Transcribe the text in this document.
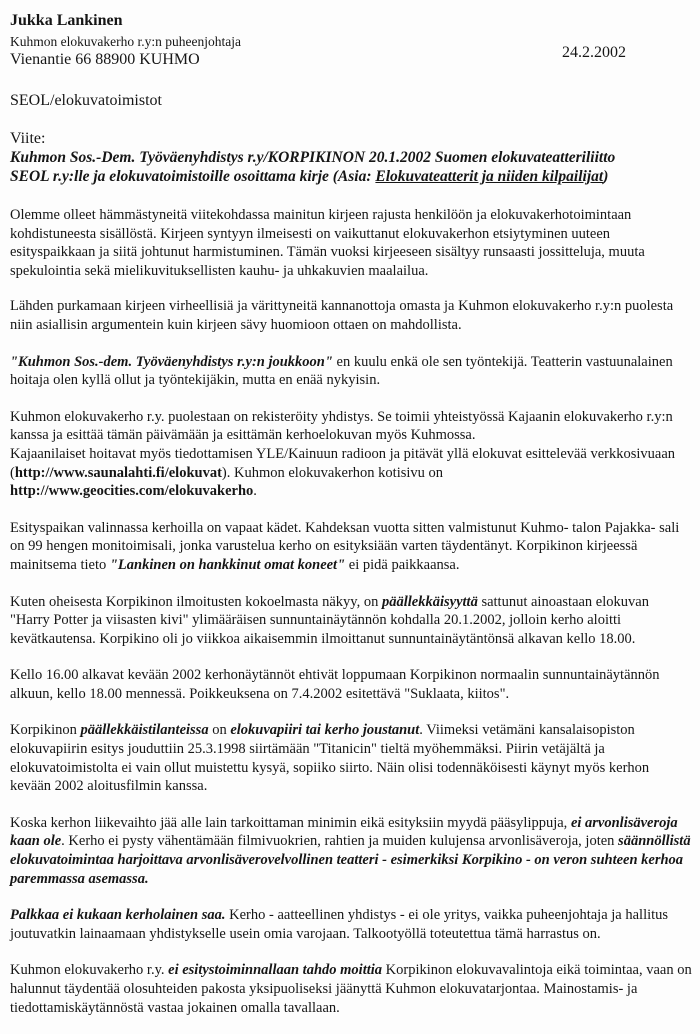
Jukka Lankinen
Kuhmon elokuvakerho r.y:n puheenjohtaja
Vienantie 66 88900 KUHMO	24.2.2002
SEOL/elokuvatoimistot
Viite:
Kuhmon Sos.-Dem. Työväenyhdistys r.y/KORPIKINON 20.1.2002 Suomen elokuvateatteriliitto
SEOL r.y:lle ja elokuvatoimistoille osoittama kirje (Asia: Elokuvateatterit ja niiden kilpailijat)

Olemme olleet hämmästyneitä viitekohdassa mainitun kirjeen rajusta henkilöön ja elokuvakerhotoimintaan kohdistuneesta sisällöstä. Kirjeen syntyyn ilmeisesti on vaikuttanut elokuvakerhon etsiytyminen uuteen esityspaikkaan ja siitä johtunut harmistuminen. Tämän vuoksi kirjeeseen sisältyy runsaasti jossitteluja, muuta spekulointia sekä mielikuvituksellisten kauhu- ja uhkakuvien maalailua.

Lähden purkamaan kirjeen virheellisiä ja värittyneitä kannanottoja omasta ja Kuhmon elokuvakerho r.y:n puolesta niin asiallisin argumentein kuin kirjeen sävy huomioon ottaen on mahdollista.

"Kuhmon Sos.-dem. Työväenyhdistys r.y:n joukkoon" en kuulu enkä ole sen työntekijä. Teatterin vastuunalainen hoitaja olen kyllä ollut ja työntekijäkin, mutta en enää nykyisin.

Kuhmon elokuvakerho r.y. puolestaan on rekisteröity yhdistys. Se toimii yhteistyössä Kajaanin elokuvakerho r.y:n kanssa ja esittää tämän päivämään ja esittämän kerhoelokuvan myös Kuhmossa.
Kajaanilaiset hoitavat myös tiedottamisen YLE/Kainuun radioon ja pitävät yllä elokuvat esittelevää verkkosivuaan (http://www.saunalahti.fi/elokuvat). Kuhmon elokuvakerhon kotisivu on http://www.geocities.com/elokuvakerho.

Esityspaikan valinnassa kerhoilla on vapaat kädet. Kahdeksan vuotta sitten valmistunut Kuhmo- talon Pajakka- sali on 99 hengen monitoimisali, jonka varustelua kerho on esityksiään varten täydentänyt. Korpikinon kirjeessä mainitsema tieto "Lankinen on hankkinut omat koneet" ei pidä paikkaansa.

Kuten oheisesta Korpikinon ilmoitusten kokoelmasta näkyy, on päällekkäisyyttä sattunut ainoastaan elokuvan "Harry Potter ja viisasten kivi" ylimääräisen sunnuntainäytännön kohdalla 20.1.2002, jolloin kerho aloitti kevätkautensa. Korpikino oli jo viikkoa aikaisemmin ilmoittanut sunnuntainäytäntönsä alkavan kello 18.00.

Kello 16.00 alkavat kevään 2002 kerhonäytännöt ehtivät loppumaan Korpikinon normaalin sunnuntainäytännön alkuun, kello 18.00 mennessä. Poikkeuksena on 7.4.2002 esitettävä "Suklaata, kiitos".

Korpikinon päällekkäistilanteissa on elokuvapiiri tai kerho joustanut. Viimeksi vetämäni kansalaisopiston elokuvapiirin esitys jouduttiin 25.3.1998 siirtämään "Titanicin" tieltä myöhemmäksi. Piirin vetäjältä ja elokuvatoimistolta ei vain ollut muistettu kysyä, sopiiko siirto. Näin olisi todennäköisesti käynyt myös kerhon kevään 2002 aloitusfilmin kanssa.

Koska kerhon liikevaihto jää alle lain tarkoittaman minimin eikä esityksiin myydä pääsylippuja, ei arvonlisäveroja kaan ole. Kerho ei pysty vähentämään filmivuokrien, rahtien ja muiden kulujensa arvonlisäveroja, joten säännöllistä elokuvatoimintaa harjoittava arvonlisäverovelvollinen teatteri - esimerkiksi Korpikino - on veron suhteen kerhoa paremmassa asemassa.

Palkkaa ei kukaan kerholainen saa. Kerho - aatteellinen yhdistys - ei ole yritys, vaikka puheenjohtaja ja hallitus joutuvatkin lainaamaan yhdistykselle usein omia varojaan. Talkootyöllä toteutettua tämä harrastus on.

Kuhmon elokuvakerho r.y. ei esitystoiminnallaan tahdo moittia Korpikinon elokuvavalintoja eikä toimintaa, vaan on halunnut täydentää olosuhteiden pakosta yksipuoliseksi jäänyttä Kuhmon elokuvatarjontaa. Mainostamis- ja tiedottamiskäytännöstä vastaa jokainen omalla tavallaan.
